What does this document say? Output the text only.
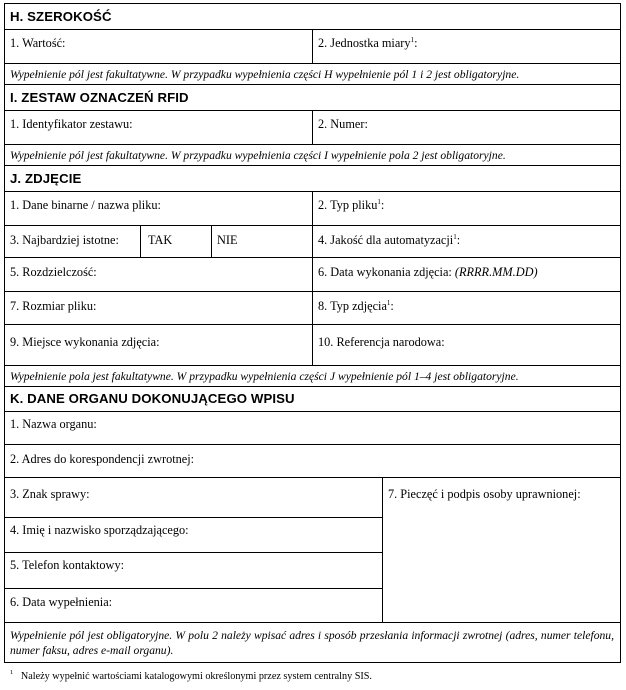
H. SZEROKOŚĆ
1. Wartość:	2. Jednostka miary$^1$:
Wypełnienie pól jest fakultatywne. W przypadku wypełnienia części H wypełnienie pól 1 i 2 jest obligatoryjne.
I. ZESTAW OZNACZEŃ RFID
1. Identyfikator zestawu:	2. Numer:
Wypełnienie pól jest fakultatywne. W przypadku wypełnienia części I wypełnienie pola 2 jest obligatoryjne.
J. ZDJĘCIE
1. Dane binarne / nazwa pliku:	2. Typ pliku$^1$:
3. Najbardziej istotne: TAK	NIE	4. Jakość dla automatyzacji$^1$:
5. Rozdzielczość:	6. Data wykonania zdjęcia: (RRRR.MM.DD)
7. Rozmiar pliku:	8. Typ zdjęcia$^1$:
9. Miejsce wykonania zdjęcia:	10. Referencja narodowa:
Wypełnienie pola jest fakultatywne. W przypadku wypełnienia części J wypełnienie pól 1–4 jest obligatoryjne.
K. DANE ORGANU DOKONUJĄCEGO WPISU
1. Nazwa organu:
2. Adres do korespondencji zwrotnej:
3. Znak sprawy:	7. Pieczęć i podpis osoby uprawnionej:
4. Imię i nazwisko sporządzającego:
5. Telefon kontaktowy:
6. Data wypełnienia:
Wypełnienie pól jest obligatoryjne. W polu 2 należy wpisać adres i sposób przesłania informacji zwrotnej (adres, numer telefonu, numer faksu, adres e-mail organu).
$^1$ Należy wypełnić wartościami katalogowymi określonymi przez system centralny SIS.
